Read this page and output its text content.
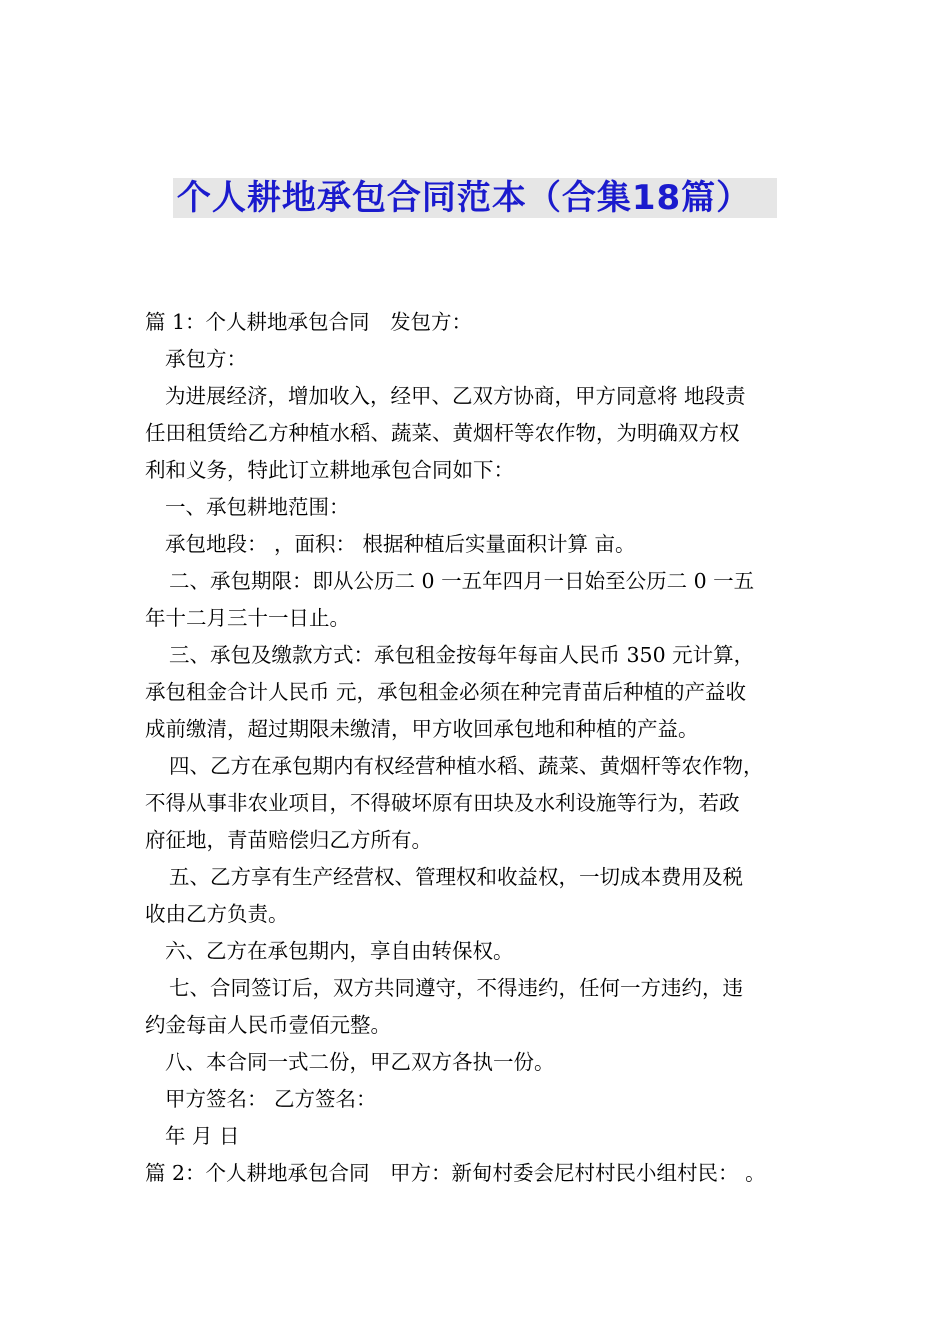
个人耕地承包合同范本（合集18篇）
篇 1：个人耕地承包合同　发包方：
承包方：
为进展经济，增加收入，经甲、乙双方协商，甲方同意将 地段责
任田租赁给乙方种植水稻、蔬菜、黄烟杆等农作物，为明确双方权
利和义务，特此订立耕地承包合同如下：
一、承包耕地范围：
承包地段： ，面积： 根据种植后实量面积计算 亩。
二、承包期限：即从公历二 0 一五年四月一日始至公历二 0 一五
年十二月三十一日止。
三、承包及缴款方式：承包租金按每年每亩人民币 350 元计算，
承包租金合计人民币 元，承包租金必须在种完青苗后种植的产益收
成前缴清，超过期限未缴清，甲方收回承包地和种植的产益。
四、乙方在承包期内有权经营种植水稻、蔬菜、黄烟杆等农作物，
不得从事非农业项目，不得破坏原有田块及水利设施等行为，若政
府征地，青苗赔偿归乙方所有。
五、乙方享有生产经营权、管理权和收益权，一切成本费用及税
收由乙方负责。
六、乙方在承包期内，享自由转保权。
七、合同签订后，双方共同遵守，不得违约，任何一方违约，违
约金每亩人民币壹佰元整。
八、本合同一式二份，甲乙双方各执一份。
甲方签名： 乙方签名：
年 月 日
篇 2：个人耕地承包合同　甲方：新甸村委会尼村村民小组村民： 。
